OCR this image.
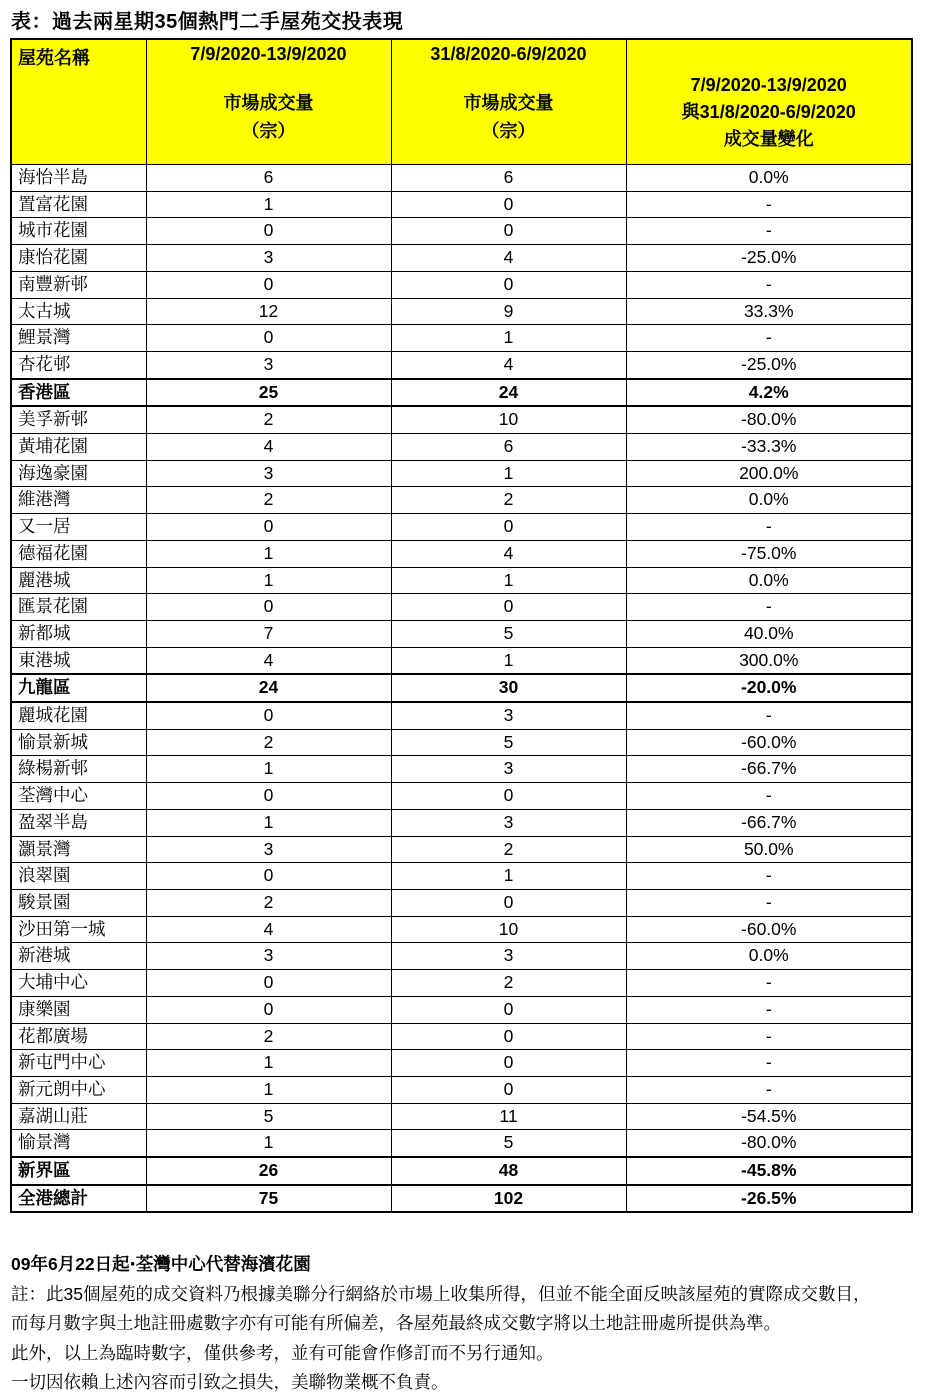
表：過去兩星期35個熱門二手屋苑交投表現
屋苑名稱	7/9/2020-13/9/2020
市場成交量
（宗）

31/8/2020-6/9/2020
市場成交量
（宗）

7/9/2020-13/9/2020
與31/8/2020-6/9/2020
成交量變化

海怡半島	6	6	0.0%
置富花園	1	0	-
城市花園	0	0	-
康怡花園	3	4	-25.0%
南豐新邨	0	0	-
太古城	12	9	33.3%
鯉景灣	0	1	-
杏花邨	3	4	-25.0%
香港區	25	24	4.2%
美孚新邨	2	10	-80.0%
黃埔花園	4	6	-33.3%
海逸豪園	3	1	200.0%
維港灣	2	2	0.0%
又一居	0	0	-
德福花園	1	4	-75.0%
麗港城	1	1	0.0%
匯景花園	0	0	-
新都城	7	5	40.0%
東港城	4	1	300.0%
九龍區	24	30	-20.0%
麗城花園	0	3	-
愉景新城	2	5	-60.0%
綠楊新邨	1	3	-66.7%
荃灣中心	0	0	-
盈翠半島	1	3	-66.7%
灝景灣	3	2	50.0%
浪翠園	0	1	-
駿景園	2	0	-
沙田第一城	4	10	-60.0%
新港城	3	3	0.0%
大埔中心	0	2	-
康樂園	0	0	-
花都廣場	2	0	-
新屯門中心	1	0	-
新元朗中心	1	0	-
嘉湖山莊	5	11	-54.5%
愉景灣	1	5	-80.0%
新界區	26	48	-45.8%
全港總計	75	102	-26.5%
09年6月22日起‧荃灣中心代替海濱花園
註：此35個屋苑的成交資料乃根據美聯分行網絡於市場上收集所得，但並不能全面反映該屋苑的實際成交數目，
而每月數字與土地註冊處數字亦有可能有所偏差，各屋苑最終成交數字將以土地註冊處所提供為準。
此外，以上為臨時數字，僅供參考，並有可能會作修訂而不另行通知。
一切因依賴上述內容而引致之損失，美聯物業概不負責。
